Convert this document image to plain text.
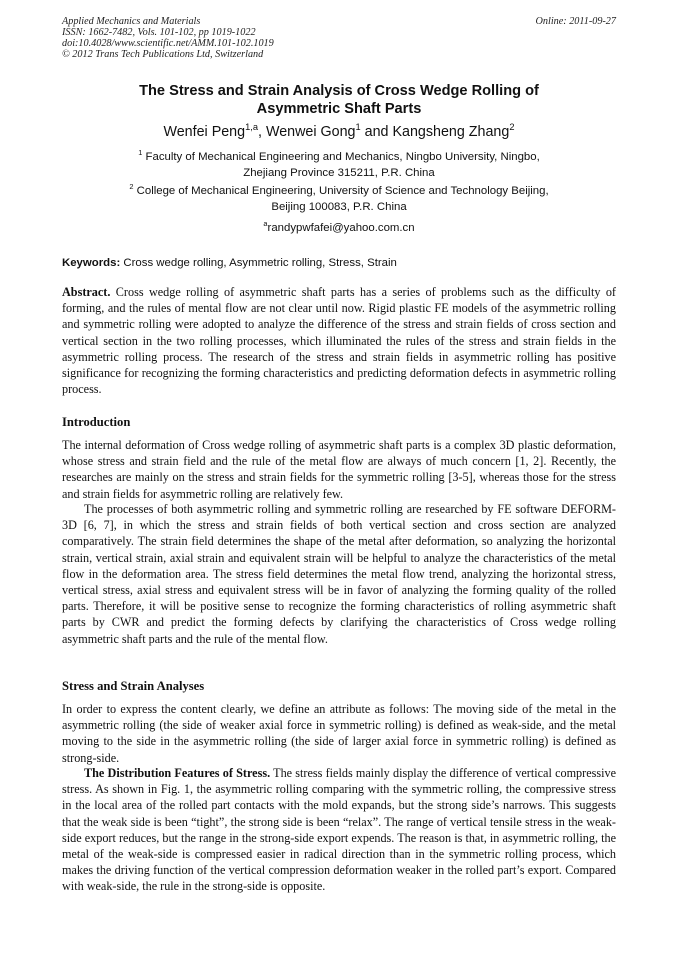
Applied Mechanics and Materials
ISSN: 1662-7482, Vols. 101-102, pp 1019-1022
doi:10.4028/www.scientific.net/AMM.101-102.1019
© 2012 Trans Tech Publications Ltd, Switzerland
Online: 2011-09-27
The Stress and Strain Analysis of Cross Wedge Rolling of
Asymmetric Shaft Parts
Wenfei Peng$^{1,a}$, Wenwei Gong$^1$ and Kangsheng Zhang$^2$
$^1$ Faculty of Mechanical Engineering and Mechanics, Ningbo University, Ningbo,
Zhejiang Province 315211, P.R. China
$^2$ College of Mechanical Engineering, University of Science and Technology Beijing,
Beijing 100083, P.R. China
$^a$randypwfafei@yahoo.com.cn
Keywords: Cross wedge rolling, Asymmetric rolling, Stress, Strain
Abstract. Cross wedge rolling of asymmetric shaft parts has a series of problems such as the difficulty of forming, and the rules of mental flow are not clear until now. Rigid plastic FE models of the asymmetric rolling and symmetric rolling were adopted to analyze the difference of the stress and strain fields of cross section and vertical section in the two rolling processes, which illuminated the rules of the stress and strain fields in the asymmetric rolling process. The research of the stress and strain fields in asymmetric rolling has positive significance for recognizing the forming characteristics and predicting deformation defects in asymmetric rolling process.
Introduction
The internal deformation of Cross wedge rolling of asymmetric shaft parts is a complex 3D plastic deformation, whose stress and strain field and the rule of the metal flow are always of much concern [1, 2]. Recently, the researches are mainly on the stress and strain fields for the symmetric rolling [3-5], whereas those for the stress and strain fields for asymmetric rolling are relatively few.
The processes of both asymmetric rolling and symmetric rolling are researched by FE software DEFORM-3D [6, 7], in which the stress and strain fields of both vertical section and cross section are analyzed comparatively. The strain field determines the shape of the metal after deformation, so analyzing the horizontal strain, vertical strain, axial strain and equivalent strain will be helpful to analyze the characteristics of the metal flow in the deformation area. The stress field determines the metal flow trend, analyzing the horizontal stress, vertical stress, axial stress and equivalent stress will be in favor of analyzing the forming quality of the rolled parts. Therefore, it will be positive sense to recognize the forming characteristics of rolling asymmetric shaft parts by CWR and predict the forming defects by clarifying the characteristics of Cross wedge rolling asymmetric shaft parts and the rule of the mental flow.
Stress and Strain Analyses
In order to express the content clearly, we define an attribute as follows: The moving side of the metal in the asymmetric rolling (the side of weaker axial force in symmetric rolling) is defined as weak-side, and the metal moving to the side in the asymmetric rolling (the side of larger axial force in symmetric rolling) is defined as strong-side.
The Distribution Features of Stress. The stress fields mainly display the difference of vertical compressive stress. As shown in Fig. 1, the asymmetric rolling comparing with the symmetric rolling, the compressive stress in the local area of the rolled part contacts with the mold expands, but the strong side’s narrows. This suggests that the weak side is been “tight”, the strong side is been “relax”. The range of vertical tensile stress in the weak-side export reduces, but the range in the strong-side export expends. The reason is that, in asymmetric rolling, the metal of the weak-side is compressed easier in radical direction than in the symmetric rolling process, which makes the driving function of the vertical compression deformation weaker in the rolled part’s export. Compared with weak-side, the rule in the strong-side is opposite.
